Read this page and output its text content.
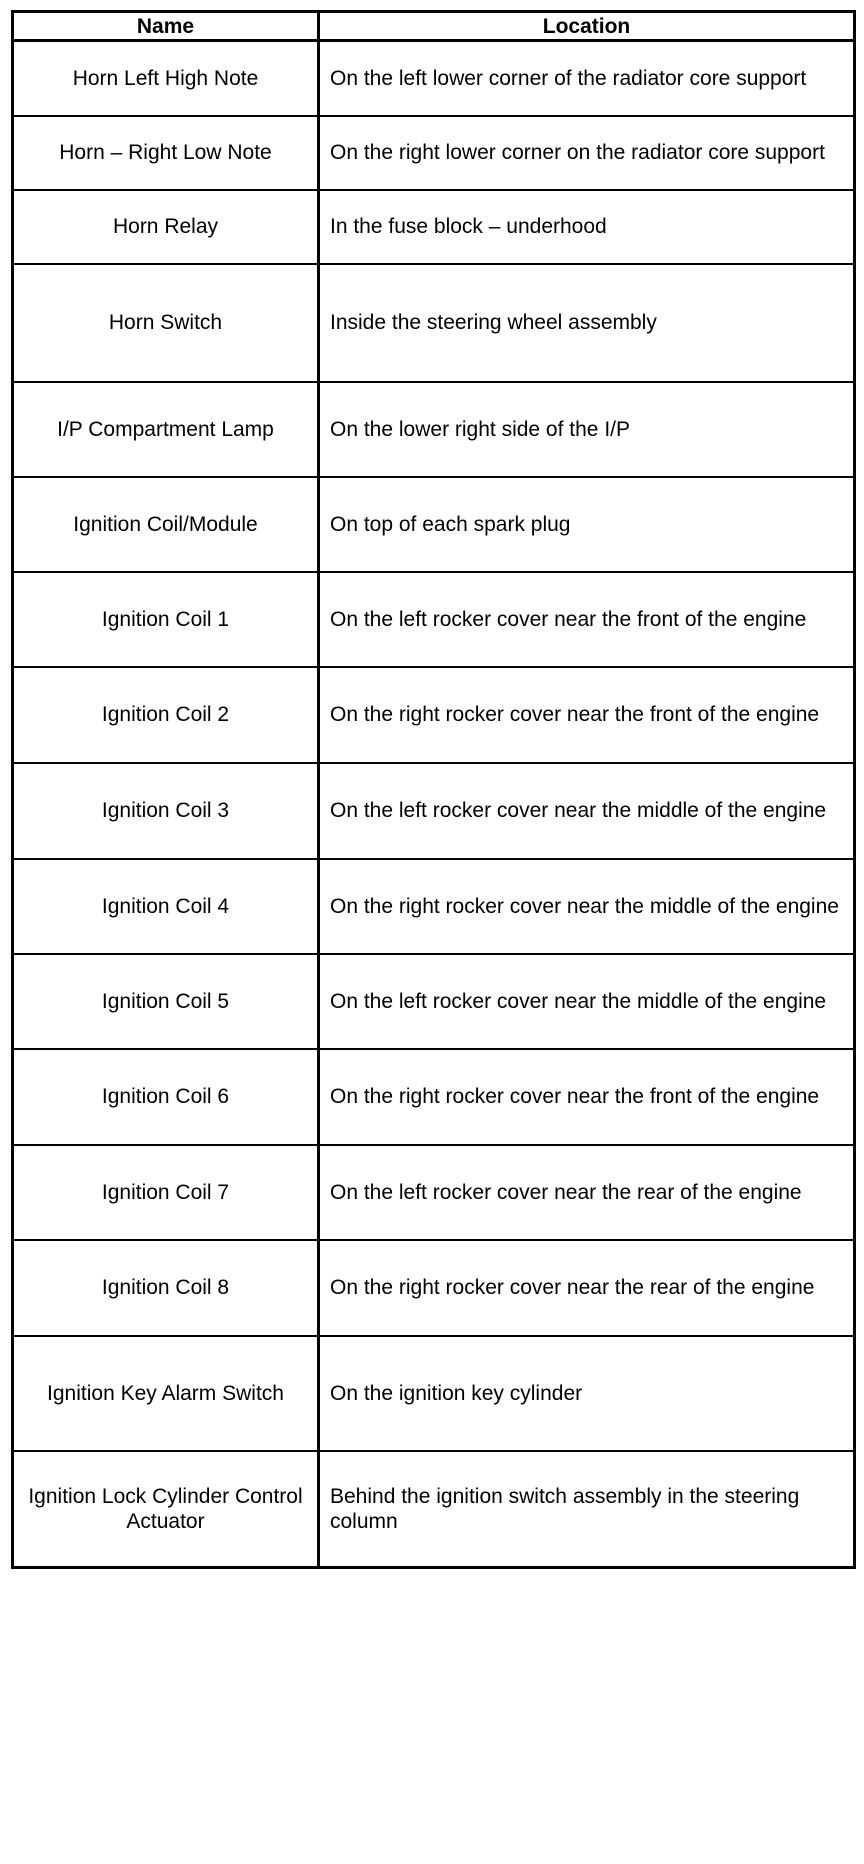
Name	Location
Horn Left High Note	On the left lower corner of the radiator core support
Horn – Right Low Note	On the right lower corner on the radiator core support
Horn Relay	In the fuse block – underhood
Horn Switch	Inside the steering wheel assembly
I/P Compartment Lamp	On the lower right side of the I/P
Ignition Coil/Module	On top of each spark plug
Ignition Coil 1	On the left rocker cover near the front of the engine
Ignition Coil 2	On the right rocker cover near the front of the engine
Ignition Coil 3	On the left rocker cover near the middle of the engine
Ignition Coil 4	On the right rocker cover near the middle of the engine
Ignition Coil 5	On the left rocker cover near the middle of the engine
Ignition Coil 6	On the right rocker cover near the front of the engine
Ignition Coil 7	On the left rocker cover near the rear of the engine
Ignition Coil 8	On the right rocker cover near the rear of the engine
Ignition Key Alarm Switch	On the ignition key cylinder
Ignition Lock Cylinder Control Actuator	Behind the ignition switch assembly in the steering column
